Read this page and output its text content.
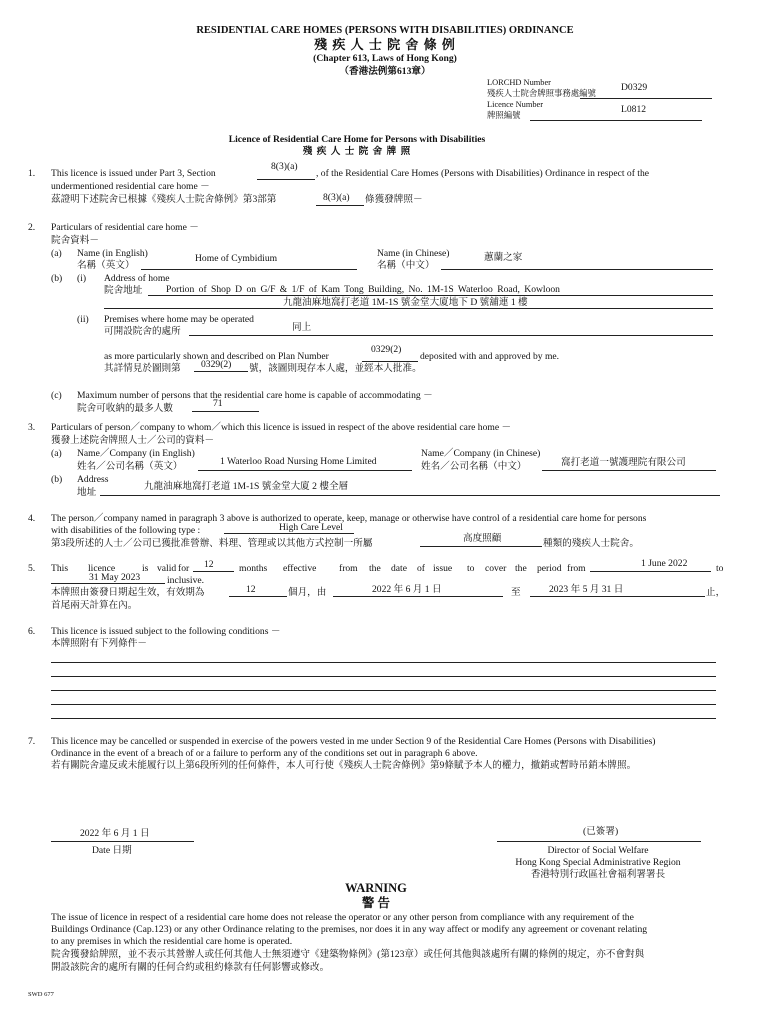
RESIDENTIAL CARE HOMES (PERSONS WITH DISABILITIES) ORDINANCE
殘 疾 人 士 院 舍 條 例
(Chapter 613, Laws of Hong Kong)
（香港法例第613章）
LORCHD Number
殘疾人士院舍牌照事務處編號
D0329
Licence Number
牌照編號
L0812
Licence of Residential Care Home for Persons with Disabilities
殘 疾 人 士 院 舍 牌 照
1. This licence is issued under Part 3, Section
8(3)(a)
, of the Residential Care Homes (Persons with Disabilities) Ordinance in respect of the
undermentioned residential care home －
茲證明下述院舍已根據《殘疾人士院舍條例》第3部第	8(3)(a) 條獲發牌照－
2. Particulars of residential care home －
院舍資料－
(a) Name (in English)
名稱（英文）
Home of Cymbidium	Name (in Chinese)
名稱（中文）
蕙蘭之家
(b) (i) Address of home
院舍地址 Portion of Shop D on G/F & 1/F of Kam Tong Building, No. 1M-1S Waterloo Road, Kowloon
九龍油麻地窩打老道 1M-1S 號金堂大廈地下 D 號舖連 1 樓
(ii) Premises where home may be operated
可開設院舍的處所	同上
as more particularly shown and described on Plan Number
0329(2)
deposited with and approved by me.
其詳情見於圖則第 0329(2) 號，該圖則現存本人處，並經本人批准。
(c) Maximum number of persons that the residential care home is capable of accommodating －
院舍可收納的最多人數	71
3. Particulars of person／company to whom／which this licence is issued in respect of the above residential care home －
獲發上述院舍牌照人士／公司的資料－
(a) Name／Company (in English)
姓名／公司名稱（英文）	1 Waterloo Road Nursing Home Limited
Name／Company (in Chinese)
姓名／公司名稱（中文）	窩打老道一號護理院有限公司
(b) Address
地址
九龍油麻地窩打老道 1M-1S 號金堂大廈 2 樓全層
4. The person／company named in paragraph 3 above is authorized to operate, keep, manage or otherwise have control of a residential care home for persons
with disabilities of the following type :	High Care Level
第3段所述的人士／公司已獲批准營辦、料理、管理或以其他方式控制一所屬	高度照顧	種類的殘疾人士院舍。
5. This licence	is valid for 12	months effective from the date of issue to cover the period from	1 June 2022	to
31 May 2023	inclusive.
本牌照由簽發日期起生效，有效期為	12	個月，由	2022 年 6 月 1 日	至	2023 年 5 月 31 日	止，
首尾兩天計算在內。
6. This licence is issued subject to the following conditions －
本牌照附有下列條件－
7. This licence may be cancelled or suspended in exercise of the powers vested in me under Section 9 of the Residential Care Homes (Persons with Disabilities)
Ordinance in the event of a breach of or a failure to perform any of the conditions set out in paragraph 6 above.
若有關院舍違反或未能履行以上第6段所列的任何條件，本人可行使《殘疾人士院舍條例》第9條賦予本人的權力，撤銷或暫時吊銷本牌照。
2022 年 6 月 1 日
Date 日期
(已簽署)
Director of Social Welfare
Hong Kong Special Administrative Region
香港特別行政區社會福利署署長
WARNING
警 告
The issue of licence in respect of a residential care home does not release the operator or any other person from compliance with any requirement of the
Buildings Ordinance (Cap.123) or any other Ordinance relating to the premises, nor does it in any way affect or modify any agreement or covenant relating
to any premises in which the residential care home is operated.
院舍獲發給牌照，並不表示其營辦人或任何其他人士無須遵守《建築物條例》(第123章）或任何其他與該處所有關的條例的規定，亦不會對與
開設該院舍的處所有關的任何合約或租約條款有任何影響或修改。
SWD 677
